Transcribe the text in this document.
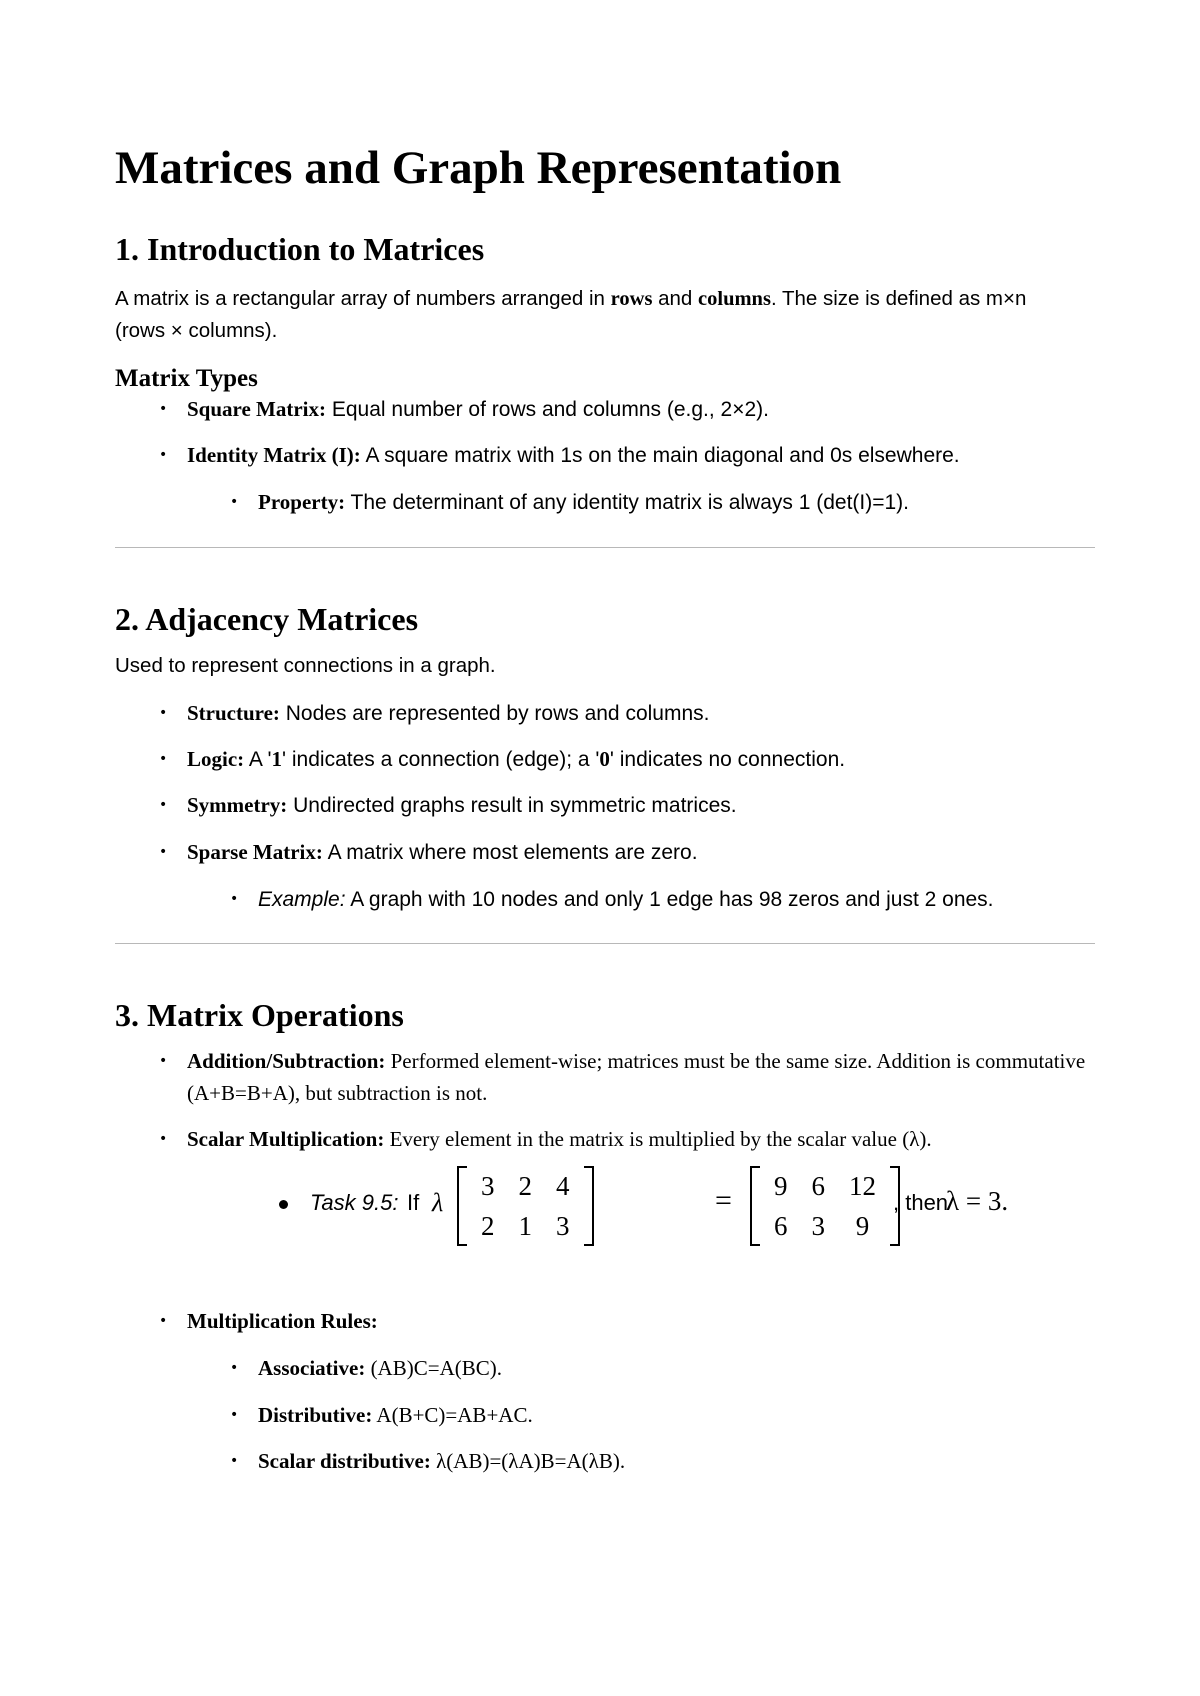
Matrices and Graph Representation
1. Introduction to Matrices

A matrix is a rectangular array of numbers arranged in rows and columns. The size is defined as m×n (rows × columns).

Matrix Types

• Square Matrix: Equal number of rows and columns (e.g., 2×2).

• Identity Matrix (I): A square matrix with 1s on the main diagonal and 0s elsewhere.

• Property: The determinant of any identity matrix is always 1 (det(I)=1).

2. Adjacency Matrices

Used to represent connections in a graph.

• Structure: Nodes are represented by rows and columns.

• Logic: A '1' indicates a connection (edge); a '0' indicates no connection.

• Symmetry: Undirected graphs result in symmetric matrices.

• Sparse Matrix: A matrix where most elements are zero.

• Example: A graph with 10 nodes and only 1 edge has 98 zeros and just 2 ones.

3. Matrix Operations

• Addition/Subtraction: Performed element-wise; matrices must be the same size. Addition is commutative (A+B=B+A), but subtraction is not.

• Scalar Multiplication: Every element in the matrix is multiplied by the scalar value (λ).

Task 9.5: If λ
3	2	4
2	1	3
= 9	6	12
6	3	9
, then
λ = 3.

• Multiplication Rules:

• Associative: (AB)C=A(BC).

• Distributive: A(B+C)=AB+AC.

• Scalar distributive: λ(AB)=(λA)B=A(λB).
